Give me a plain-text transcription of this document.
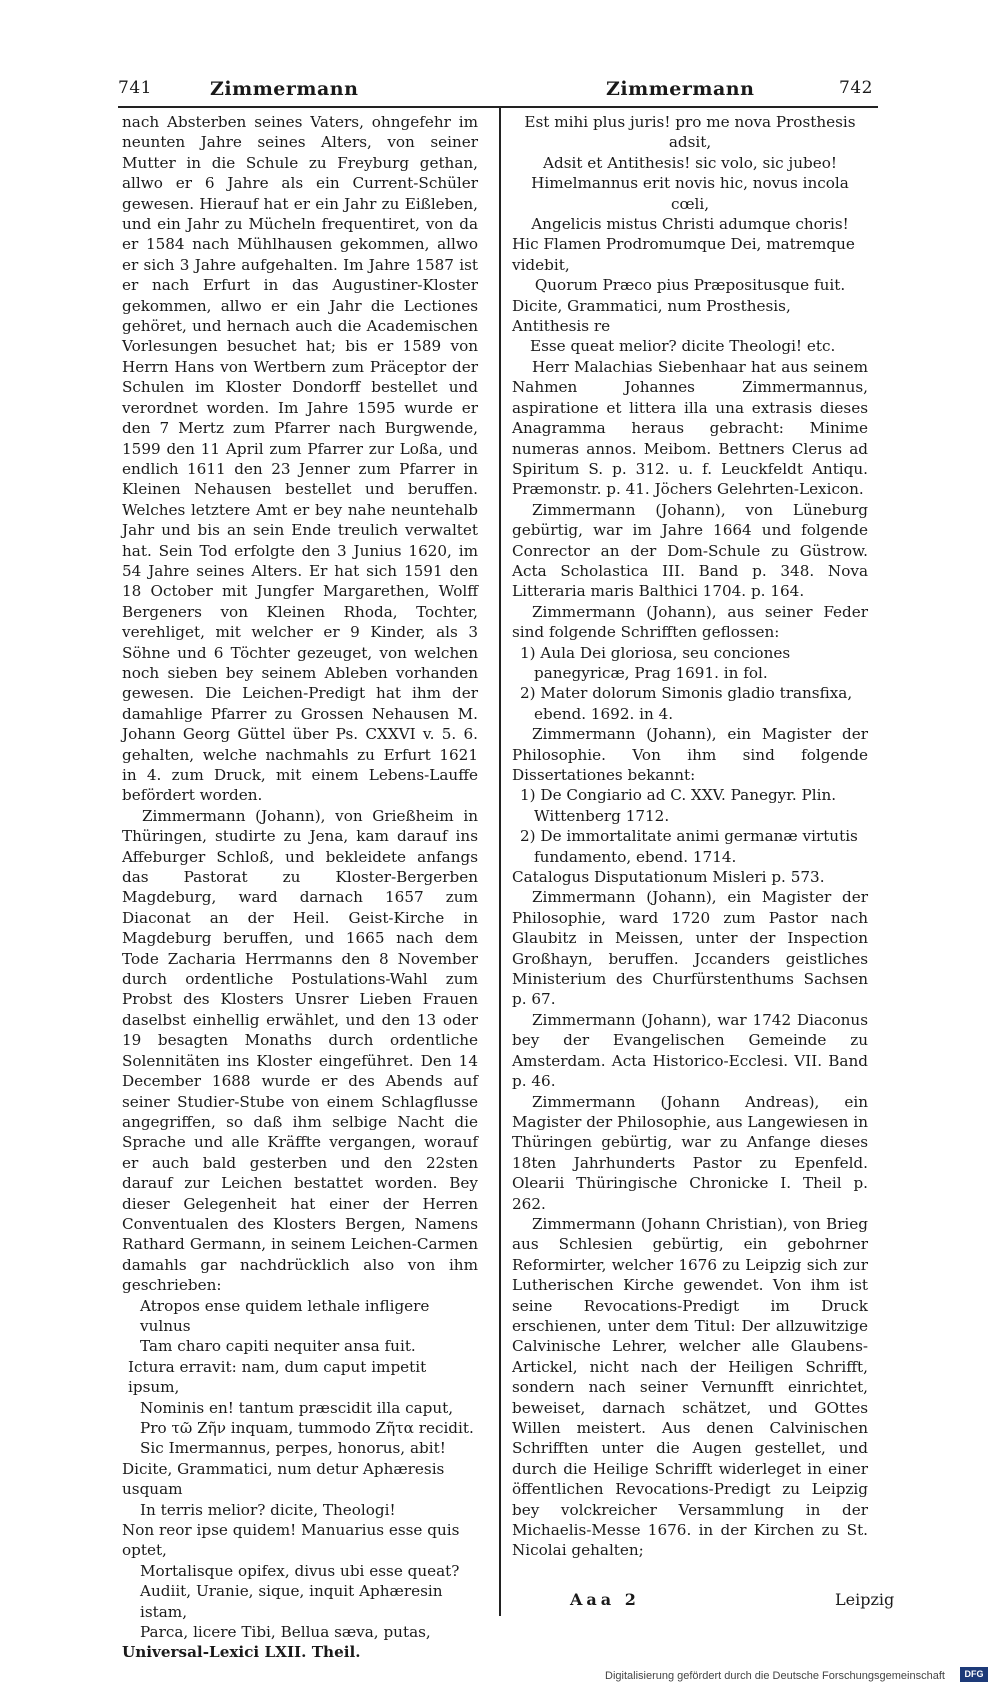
741	Zimmermann	Zimmermann	742

nach Absterben seines Vaters, ohngefehr im neunten Jahre seines Alters, von seiner Mutter in die Schule zu Freyburg gethan, allwo er 6 Jahre als ein Current-Schüler gewesen. Hierauf hat er ein Jahr zu Eißleben, und ein Jahr zu Mücheln frequentiret, von da er 1584 nach Mühlhausen gekommen, allwo er sich 3 Jahre aufgehalten. Im Jahre 1587 ist er nach Erfurt in das Augustiner-Kloster gekommen, allwo er ein Jahr die Lectiones gehöret, und hernach auch die Academischen Vorlesungen besuchet hat; bis er 1589 von Herrn Hans von Wertbern zum Präceptor der Schulen im Kloster Dondorff bestellet und verordnet worden. Im Jahre 1595 wurde er den 7 Mertz zum Pfarrer nach Burgwende, 1599 den 11 April zum Pfarrer zur Loßa, und endlich 1611 den 23 Jenner zum Pfarrer in Kleinen Nehausen bestellet und beruffen. Welches letztere Amt er bey nahe neuntehalb Jahr und bis an sein Ende treulich verwaltet hat. Sein Tod erfolgte den 3 Junius 1620, im 54 Jahre seines Alters. Er hat sich 1591 den 18 October mit Jungfer Margarethen, Wolff Bergeners von Kleinen Rhoda, Tochter, verehliget, mit welcher er 9 Kinder, als 3 Söhne und 6 Töchter gezeuget, von welchen noch sieben bey seinem Ableben vorhanden gewesen. Die Leichen-Predigt hat ihm der damahlige Pfarrer zu Grossen Nehausen M. Johann Georg Güttel über Ps. CXXVI v. 5. 6. gehalten, welche nachmahls zu Erfurt 1621 in 4. zum Druck, mit einem Lebens-Lauffe befördert worden.

Zimmermann (Johann), von Grießheim in Thüringen, studirte zu Jena, kam darauf ins Affeburger Schloß, und bekleidete anfangs das Pastorat zu Kloster-Bergerben Magdeburg, ward darnach 1657 zum Diaconat an der Heil. Geist-Kirche in Magdeburg beruffen, und 1665 nach dem Tode Zacharia Herrmanns den 8 November durch ordentliche Postulations-Wahl zum Probst des Klosters Unsrer Lieben Frauen daselbst einhellig erwählet, und den 13 oder 19 besagten Monaths durch ordentliche Solennitäten ins Kloster eingeführet. Den 14 December 1688 wurde er des Abends auf seiner Studier-Stube von einem Schlagflusse angegriffen, so daß ihm selbige Nacht die Sprache und alle Kräffte vergangen, worauf er auch bald gesterben und den 22sten darauf zur Leichen bestattet worden. Bey dieser Gelegenheit hat einer der Herren Conventualen des Klosters Bergen, Namens Rathard Germann, in seinem Leichen-Carmen damahls gar nachdrücklich also von ihm geschrieben:

Atropos ense quidem lethale infligere vulnus

Tam charo capiti nequiter ansa fuit.

Ictura erravit: nam, dum caput impetit ipsum,

Nominis en! tantum præscidit illa caput,

Pro τῶ Ζῆν inquam, tummodo Ζῆτα recidit.

Sic Imermannus, perpes, honorus, abit!

Dicite, Grammatici, num detur Aphæresis usquam

In terris melior? dicite, Theologi!

Non reor ipse quidem! Manuarius esse quis optet,

Mortalisque opifex, divus ubi esse queat?

Audiit, Uranie, sique, inquit Aphæresin istam,

Parca, licere Tibi, Bellua sæva, putas,

Universal-Lexici LXII. Theil.

Est mihi plus juris! pro me nova Prosthesis adsit,

Adsit et Antithesis! sic volo, sic jubeo!

Himelmannus erit novis hic, novus incola cœli,

Angelicis mistus Christi adumque choris!

Hic Flamen Prodromumque Dei, matremque videbit,

Quorum Præco pius Præpositusque fuit.

Dicite, Grammatici, num Prosthesis, Antithesis re

Esse queat melior? dicite Theologi! etc.

Herr Malachias Siebenhaar hat aus seinem Nahmen Johannes Zimmermannus, aspiratione et littera illa una extrasis dieses Anagramma heraus gebracht: Minime numeras annos. Meibom. Bettners Clerus ad Spiritum S. p. 312. u. f. Leuckfeldt Antiqu. Præmonstr. p. 41. Jöchers Gelehrten-Lexicon.

Zimmermann (Johann), von Lüneburg gebürtig, war im Jahre 1664 und folgende Conrector an der Dom-Schule zu Güstrow. Acta Scholastica III. Band p. 348. Nova Litteraria maris Balthici 1704. p. 164.

Zimmermann (Johann), aus seiner Feder sind folgende Schrifften geflossen:

1) Aula Dei gloriosa, seu conciones panegyricæ, Prag 1691. in fol.

2) Mater dolorum Simonis gladio transfixa, ebend. 1692. in 4.

Zimmermann (Johann), ein Magister der Philosophie. Von ihm sind folgende Dissertationes bekannt:

1) De Congiario ad C. XXV. Panegyr. Plin. Wittenberg 1712.

2) De immortalitate animi germanæ virtutis fundamento, ebend. 1714.

Catalogus Disputationum Misleri p. 573.

Zimmermann (Johann), ein Magister der Philosophie, ward 1720 zum Pastor nach Glaubitz in Meissen, unter der Inspection Großhayn, beruffen. Jccanders geistliches Ministerium des Churfürstenthums Sachsen p. 67.

Zimmermann (Johann), war 1742 Diaconus bey der Evangelischen Gemeinde zu Amsterdam. Acta Historico-Ecclesi. VII. Band p. 46.

Zimmermann (Johann Andreas), ein Magister der Philosophie, aus Langewiesen in Thüringen gebürtig, war zu Anfange dieses 18ten Jahrhunderts Pastor zu Epenfeld. Olearii Thüringische Chronicke I. Theil p. 262.

Zimmermann (Johann Christian), von Brieg aus Schlesien gebürtig, ein gebohrner Reformirter, welcher 1676 zu Leipzig sich zur Lutherischen Kirche gewendet. Von ihm ist seine Revocations-Predigt im Druck erschienen, unter dem Titul: Der allzuwitzige Calvinische Lehrer, welcher alle Glaubens-Artickel, nicht nach der Heiligen Schrifft, sondern nach seiner Vernunfft einrichtet, beweiset, darnach schätzet, und GOttes Willen meistert. Aus denen Calvinischen Schrifften unter die Augen gestellet, und durch die Heilige Schrifft widerleget in einer öffentlichen Revocations-Predigt zu Leipzig bey volckreicher Versammlung in der Michaelis-Messe 1676. in der Kirchen zu St. Nicolai gehalten;

Aaa 2	Leipzig
Digitalisierung gefördert durch die Deutsche Forschungsgemeinschaft	DFG
